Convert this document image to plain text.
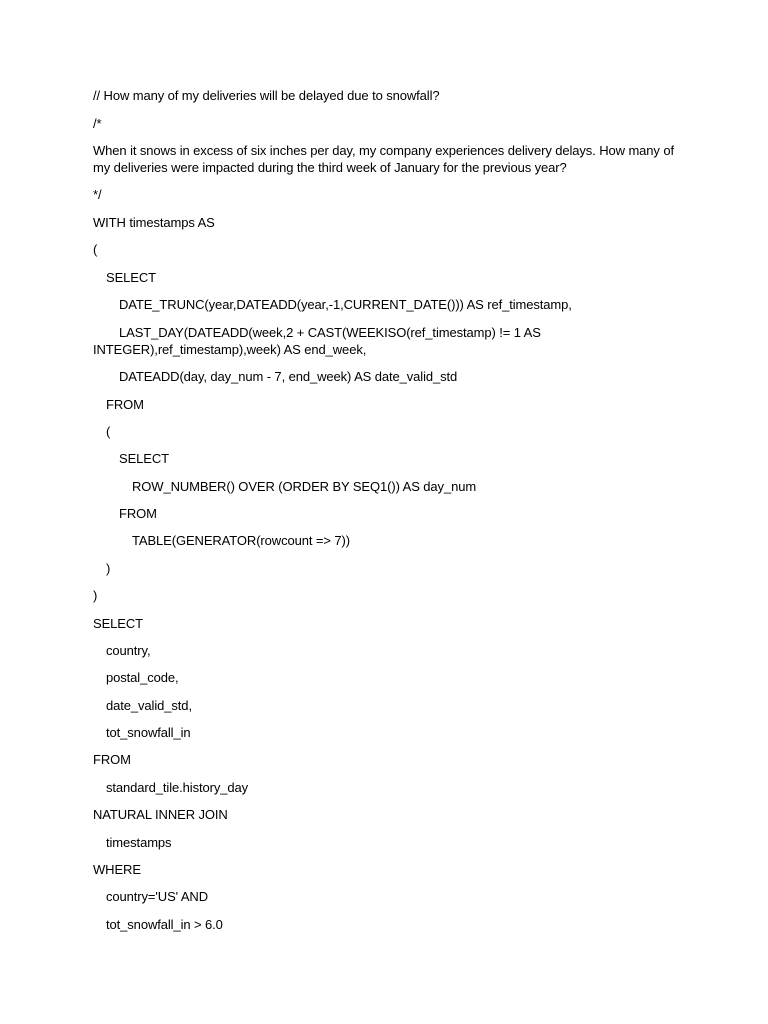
// How many of my deliveries will be delayed due to snowfall?

/*

When it snows in excess of six inches per day, my company experiences delivery delays. How many of my deliveries were impacted during the third week of January for the previous year?

*/

WITH timestamps AS

(

SELECT

DATE_TRUNC(year,DATEADD(year,-1,CURRENT_DATE())) AS ref_timestamp,

LAST_DAY(DATEADD(week,2 + CAST(WEEKISO(ref_timestamp) != 1 AS

INTEGER),ref_timestamp),week) AS end_week,

DATEADD(day, day_num - 7, end_week) AS date_valid_std

FROM

(

SELECT

ROW_NUMBER() OVER (ORDER BY SEQ1()) AS day_num

FROM

TABLE(GENERATOR(rowcount => 7))

)

)

SELECT

country,

postal_code,

date_valid_std,

tot_snowfall_in

FROM

standard_tile.history_day

NATURAL INNER JOIN

timestamps

WHERE

country='US' AND

tot_snowfall_in > 6.0
